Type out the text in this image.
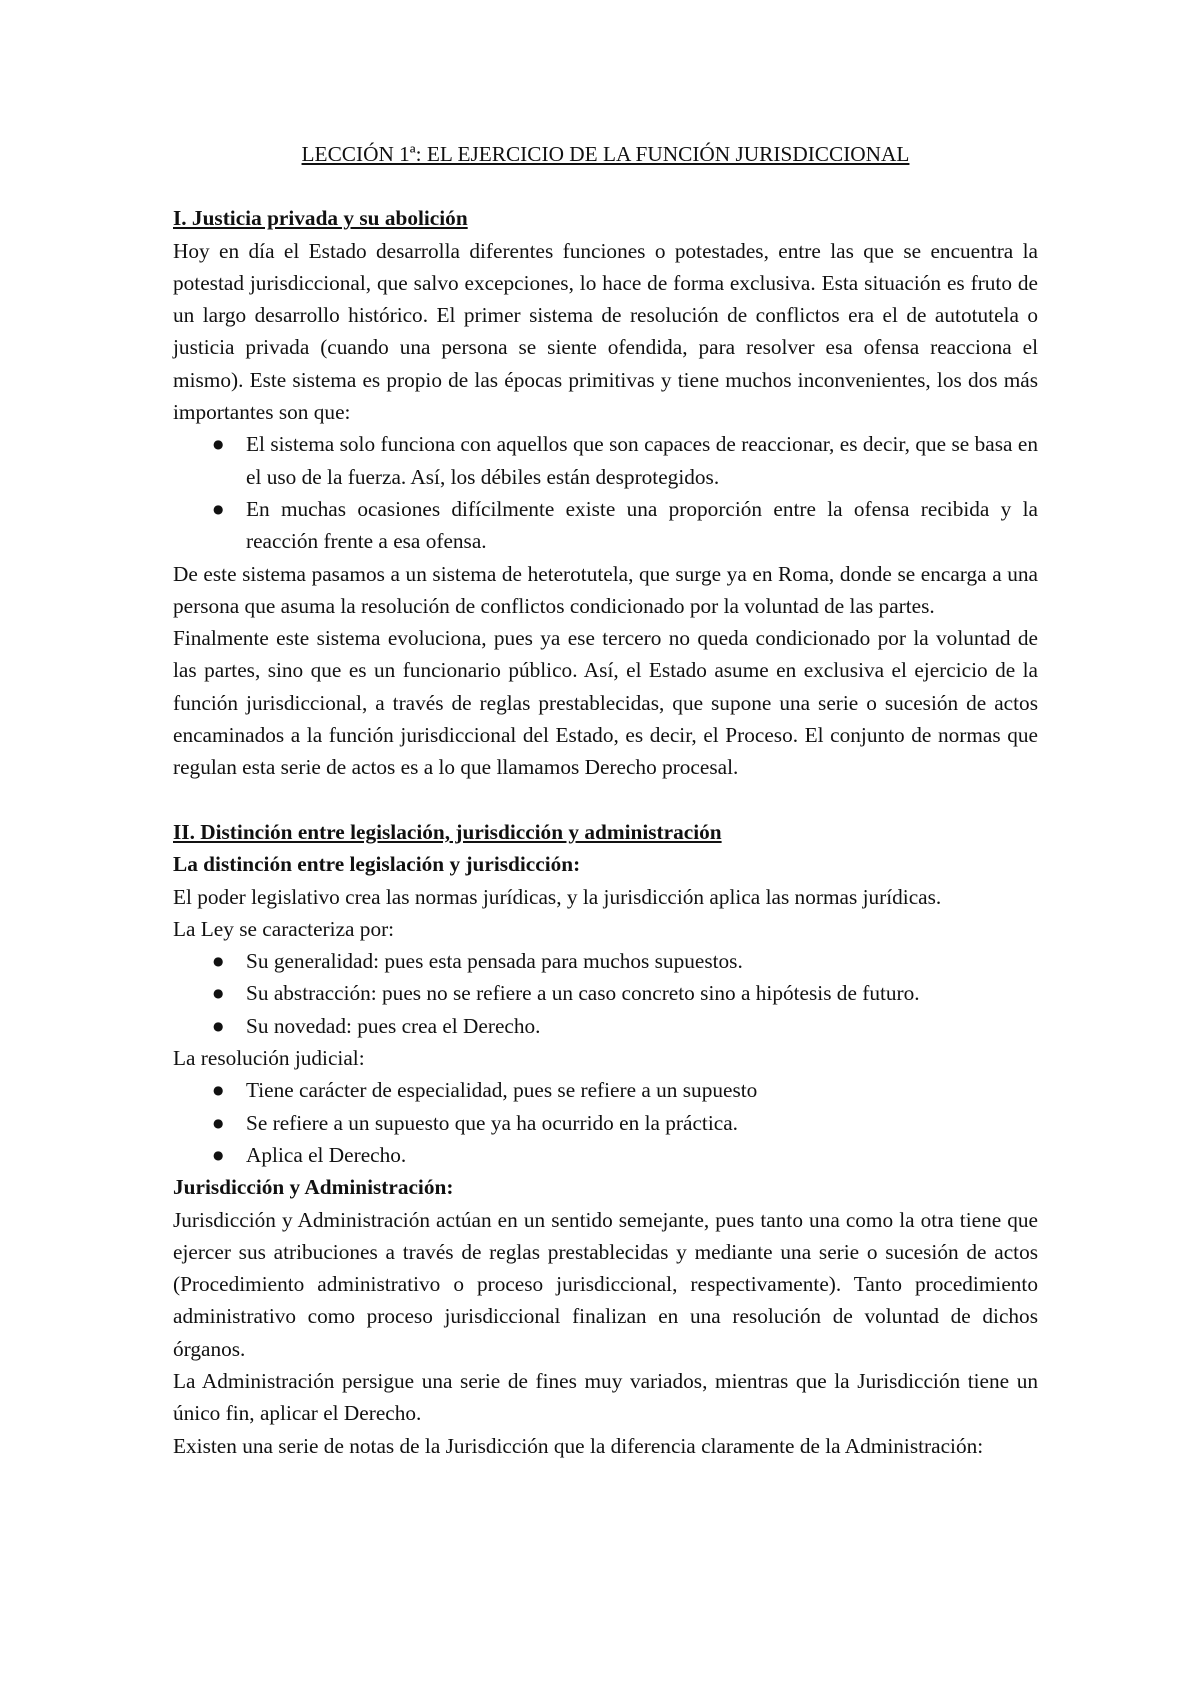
LECCIÓN 1ª: EL EJERCICIO DE LA FUNCIÓN JURISDICCIONAL
I. Justicia privada y su abolición

Hoy en día el Estado desarrolla diferentes funciones o potestades, entre las que se encuentra la potestad jurisdiccional, que salvo excepciones, lo hace de forma exclusiva. Esta situación es fruto de un largo desarrollo histórico. El primer sistema de resolución de conflictos era el de autotutela o justicia privada (cuando una persona se siente ofendida, para resolver esa ofensa reacciona el mismo). Este sistema es propio de las épocas primitivas y tiene muchos inconvenientes, los dos más importantes son que:

● El sistema solo funciona con aquellos que son capaces de reaccionar, es decir, que se basa en el uso de la fuerza. Así, los débiles están desprotegidos.
● En muchas ocasiones difícilmente existe una proporción entre la ofensa recibida y la reacción frente a esa ofensa.

De este sistema pasamos a un sistema de heterotutela, que surge ya en Roma, donde se encarga a una persona que asuma la resolución de conflictos condicionado por la voluntad de las partes.

Finalmente este sistema evoluciona, pues ya ese tercero no queda condicionado por la voluntad de las partes, sino que es un funcionario público. Así, el Estado asume en exclusiva el ejercicio de la función jurisdiccional, a través de reglas prestablecidas, que supone una serie o sucesión de actos encaminados a la función jurisdiccional del Estado, es decir, el Proceso. El conjunto de normas que regulan esta serie de actos es a lo que llamamos Derecho procesal.

II. Distinción entre legislación, jurisdicción y administración
La distinción entre legislación y jurisdicción:

El poder legislativo crea las normas jurídicas, y la jurisdicción aplica las normas jurídicas.

La Ley se caracteriza por:

● Su generalidad: pues esta pensada para muchos supuestos.
● Su abstracción: pues no se refiere a un caso concreto sino a hipótesis de futuro.
● Su novedad: pues crea el Derecho.

La resolución judicial:

● Tiene carácter de especialidad, pues se refiere a un supuesto
● Se refiere a un supuesto que ya ha ocurrido en la práctica.
● Aplica el Derecho.
Jurisdicción y Administración:

Jurisdicción y Administración actúan en un sentido semejante, pues tanto una como la otra tiene que ejercer sus atribuciones a través de reglas prestablecidas y mediante una serie o sucesión de actos (Procedimiento administrativo o proceso jurisdiccional, respectivamente). Tanto procedimiento administrativo como proceso jurisdiccional finalizan en una resolución de voluntad de dichos órganos.

La Administración persigue una serie de fines muy variados, mientras que la Jurisdicción tiene un único fin, aplicar el Derecho.

Existen una serie de notas de la Jurisdicción que la diferencia claramente de la Administración:
